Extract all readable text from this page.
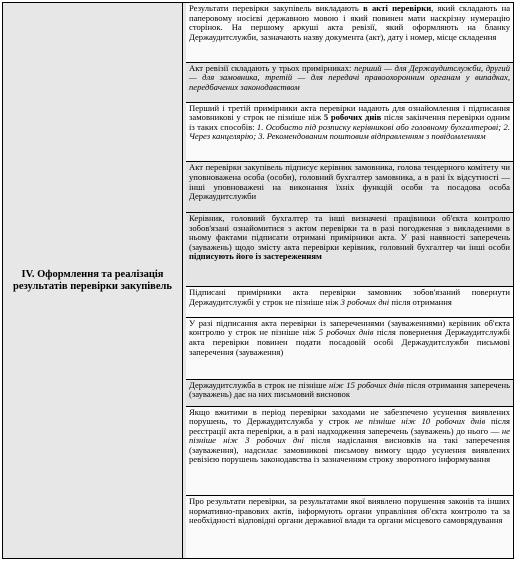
IV. Оформлення та реалізація результатів перевірки закупівель
Результати перевірки закупівель викладають в акті перевірки, який складають на паперовому носієві державною мовою і який повинен мати наскрізну нумерацію сторінок. На першому аркуші акта ревізії, який оформляють на бланку Держаудитслужби, зазначають назву документа (акт), дату і номер, місце складення
Акт ревізії складають у трьох примірниках: перший — для Держаудитслужби, другий — для замовника, третій — для передачі правоохоронним органам у випадках, передбачених законодавством
Перший і третій примірники акта перевірки надають для ознайомлення і підписання замовникові у строк не пізніше ніж 5 робочих днів після закінчення перевірки одним із таких способів: 1. Особисто під розписку керівникові або головному бухгалтерові; 2. Через канцелярію; 3. Рекомендованим поштовим відправленням з повідомленням
Акт перевірки закупівель підписує керівник замовника, голова тендерного комітету чи уповноважена особа (особи), головний бухгалтер замовника, а в разі їх відсутності — інші уповноважені на виконання їхніх функцій особи та посадова особа Держаудитслужби
Керівник, головний бухгалтер та інші визначені працівники об'єкта контролю зобов'язані ознайомитися з актом перевірки та в разі погодження з викладеними в ньому фактами підписати отримані примірники акта. У разі наявності заперечень (зауважень) щодо змісту акта перевірки керівник, головний бухгалтер чи інші особи підписують його із застереженням
Підписані примірники акта перевірки замовник зобов'язаний повернути Держаудитслужбі у строк не пізніше ніж 3 робочих дні після отримання
У разі підписання акта перевірки із запереченнями (зауваженнями) керівник об'єкта контролю у строк не пізніше ніж 5 робочих днів після повернення Держаудитслужбі акта перевірки повинен подати посадовій особі Держаудитслужби письмові заперечення (зауваження)
Держаудитслужба в строк не пізніше ніж 15 робочих днів після отримання заперечень (зауважень) дає на них письмовий висновок
Якщо вжитими в період перевірки заходами не забезпечено усунення виявлених порушень, то Держаудитслужба у строк не пізніше ніж 10 робочих днів після реєстрації акта перевірки, а в разі надходження заперечень (зауважень) до нього — не пізніше ніж 3 робочих дні після надіслання висновків на такі заперечення (зауваження), надсилає замовникові письмову вимогу щодо усунення виявлених ревізією порушень законодавства із зазначенням строку зворотного інформування
Про результати перевірки, за результатами якої виявлено порушення законів та інших нормативно-правових актів, інформують органи управління об'єкта контролю та за необхідності відповідні органи державної влади та органи місцевого самоврядування
